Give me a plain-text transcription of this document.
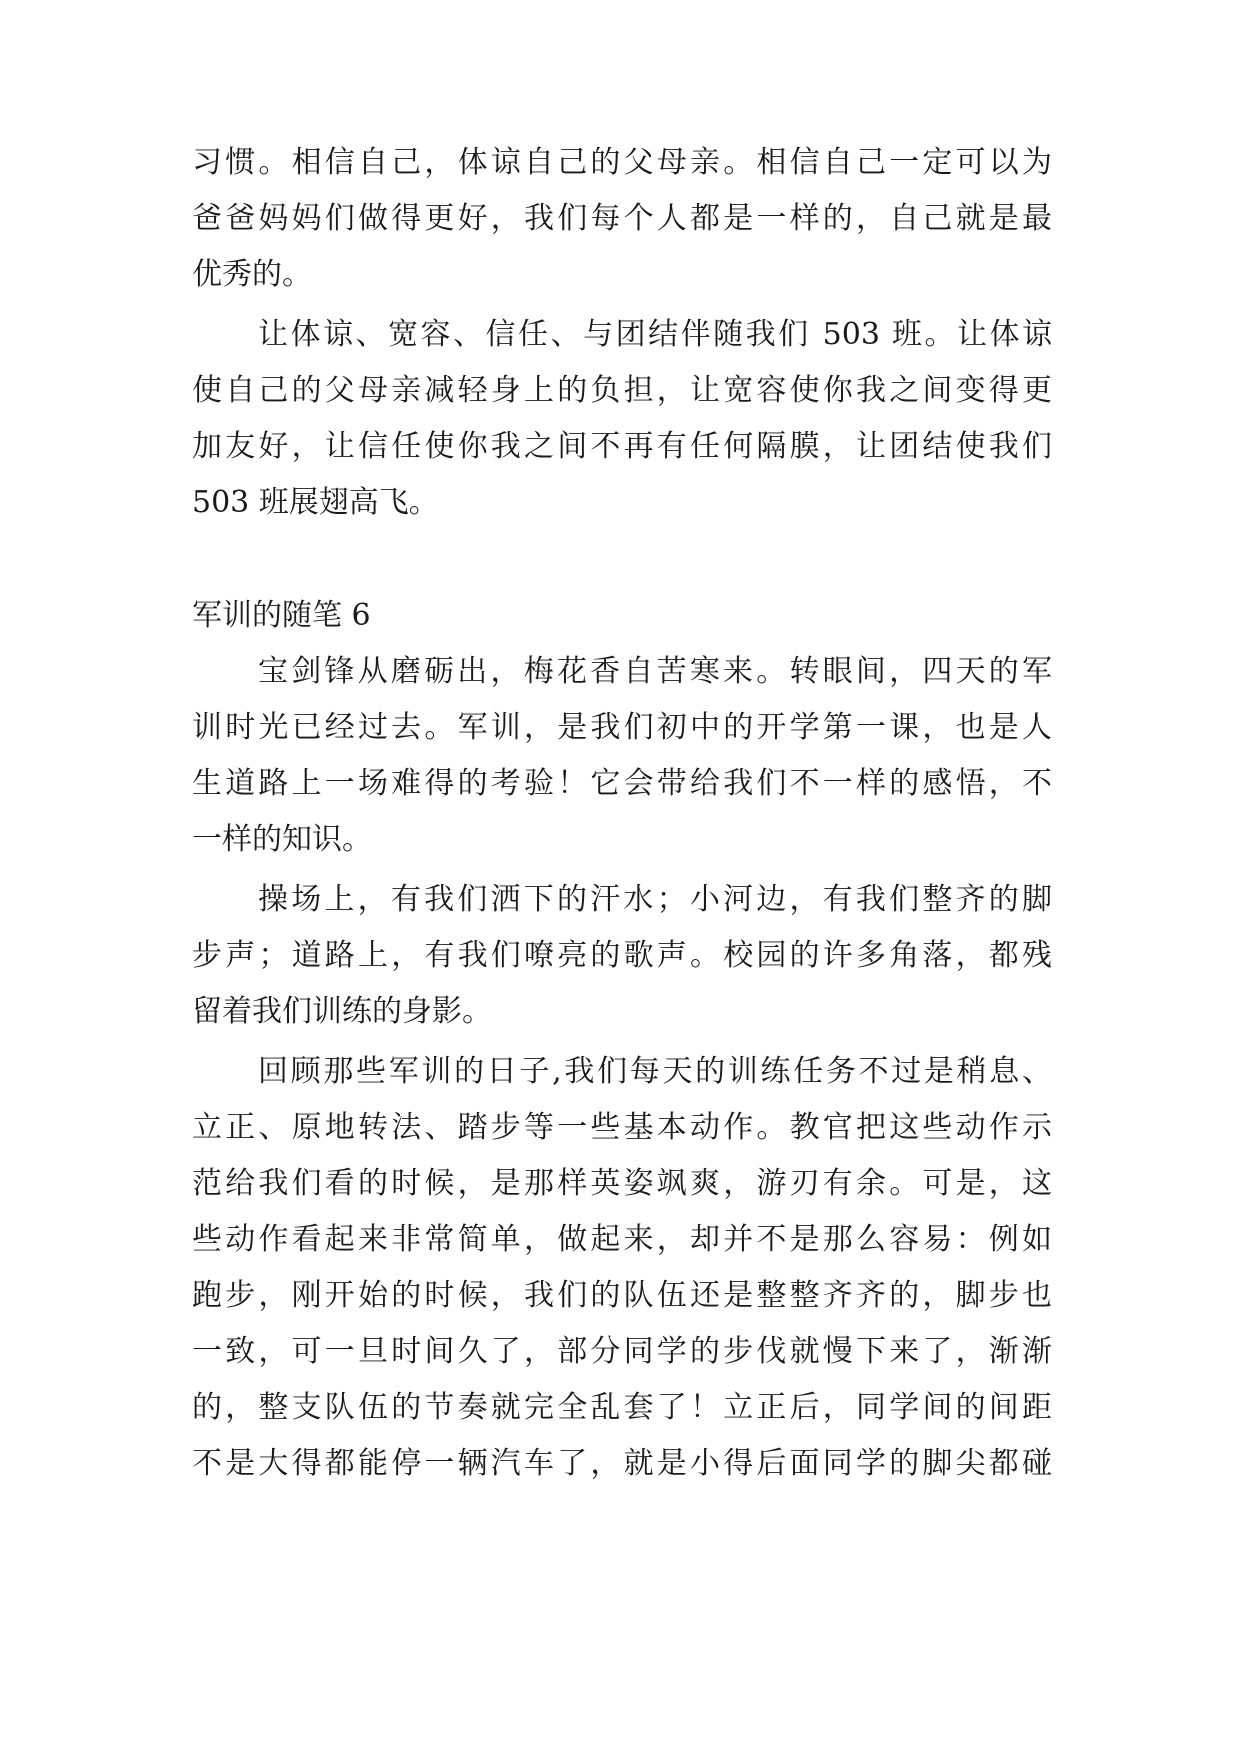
习惯。相信自己，体谅自己的父母亲。相信自己一定可以为
爸爸妈妈们做得更好，我们每个人都是一样的，自己就是最
优秀的。
让体谅、宽容、信任、与团结伴随我们 503 班。让体谅
使自己的父母亲减轻身上的负担，让宽容使你我之间变得更
加友好，让信任使你我之间不再有任何隔膜，让团结使我们
503 班展翅高飞。
军训的随笔 6
宝剑锋从磨砺出，梅花香自苦寒来。转眼间，四天的军
训时光已经过去。军训，是我们初中的开学第一课，也是人
生道路上一场难得的考验！它会带给我们不一样的感悟，不
一样的知识。
操场上，有我们洒下的汗水；小河边，有我们整齐的脚
步声；道路上，有我们嘹亮的歌声。校园的许多角落，都残
留着我们训练的身影。
回顾那些军训的日子,我们每天的训练任务不过是稍息、
立正、原地转法、踏步等一些基本动作。教官把这些动作示
范给我们看的时候，是那样英姿飒爽，游刃有余。可是，这
些动作看起来非常简单，做起来，却并不是那么容易：例如
跑步，刚开始的时候，我们的队伍还是整整齐齐的，脚步也
一致，可一旦时间久了，部分同学的步伐就慢下来了，渐渐
的，整支队伍的节奏就完全乱套了！立正后，同学间的间距
不是大得都能停一辆汽车了，就是小得后面同学的脚尖都碰
